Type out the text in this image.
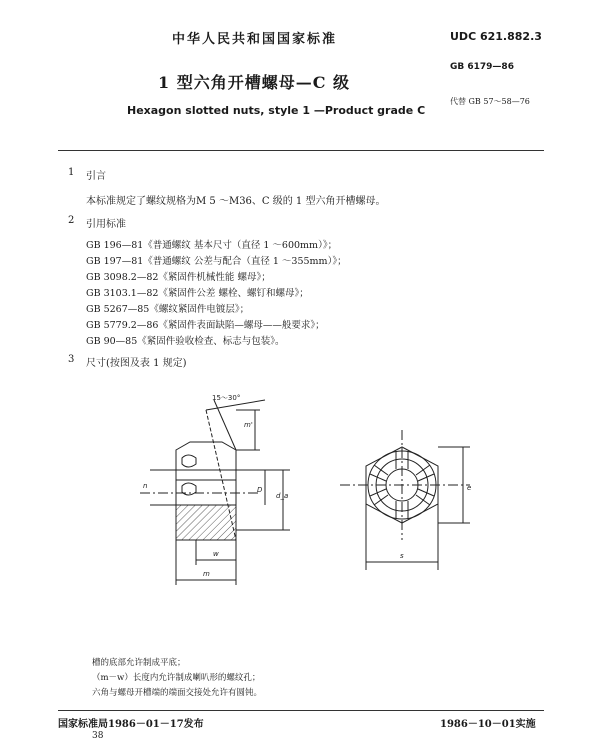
中华人民共和国国家标准	UDC 621.882.3
GB 6179—86
代替 GB 57～58—76
1 型六角开槽螺母—C 级
Hexagon slotted nuts, style 1 —Product grade C
1 引言
本标准规定了螺纹规格为M 5 ～M36、C 级的 1 型六角开槽螺母。
2 引用标准
GB 196—81《普通螺纹 基本尺寸（直径 1 ～600mm）》；
GB 197—81《普通螺纹 公差与配合（直径 1 ～355mm）》；
GB 3098.2—82《紧固件机械性能 螺母》；
GB 3103.1—82《紧固件公差 螺栓、螺钉和螺母》；
GB 5267—85《螺纹紧固件电镀层》；
GB 5779.2—86《紧固件表面缺陷—螺母——般要求》；
GB 90—85《紧固件验收检查、标志与包装》。
3 尺寸(按图及表 1 规定)
15～30°
m'
n	D
d_a
w
m
e
s
槽的底部允许制成平底；
（m－w）长度内允许制成喇叭形的螺纹孔；
六角与螺母开槽端的端面交接处允许有圆钝。
国家标准局1986－01－17发布	1986－10－01实施
38
